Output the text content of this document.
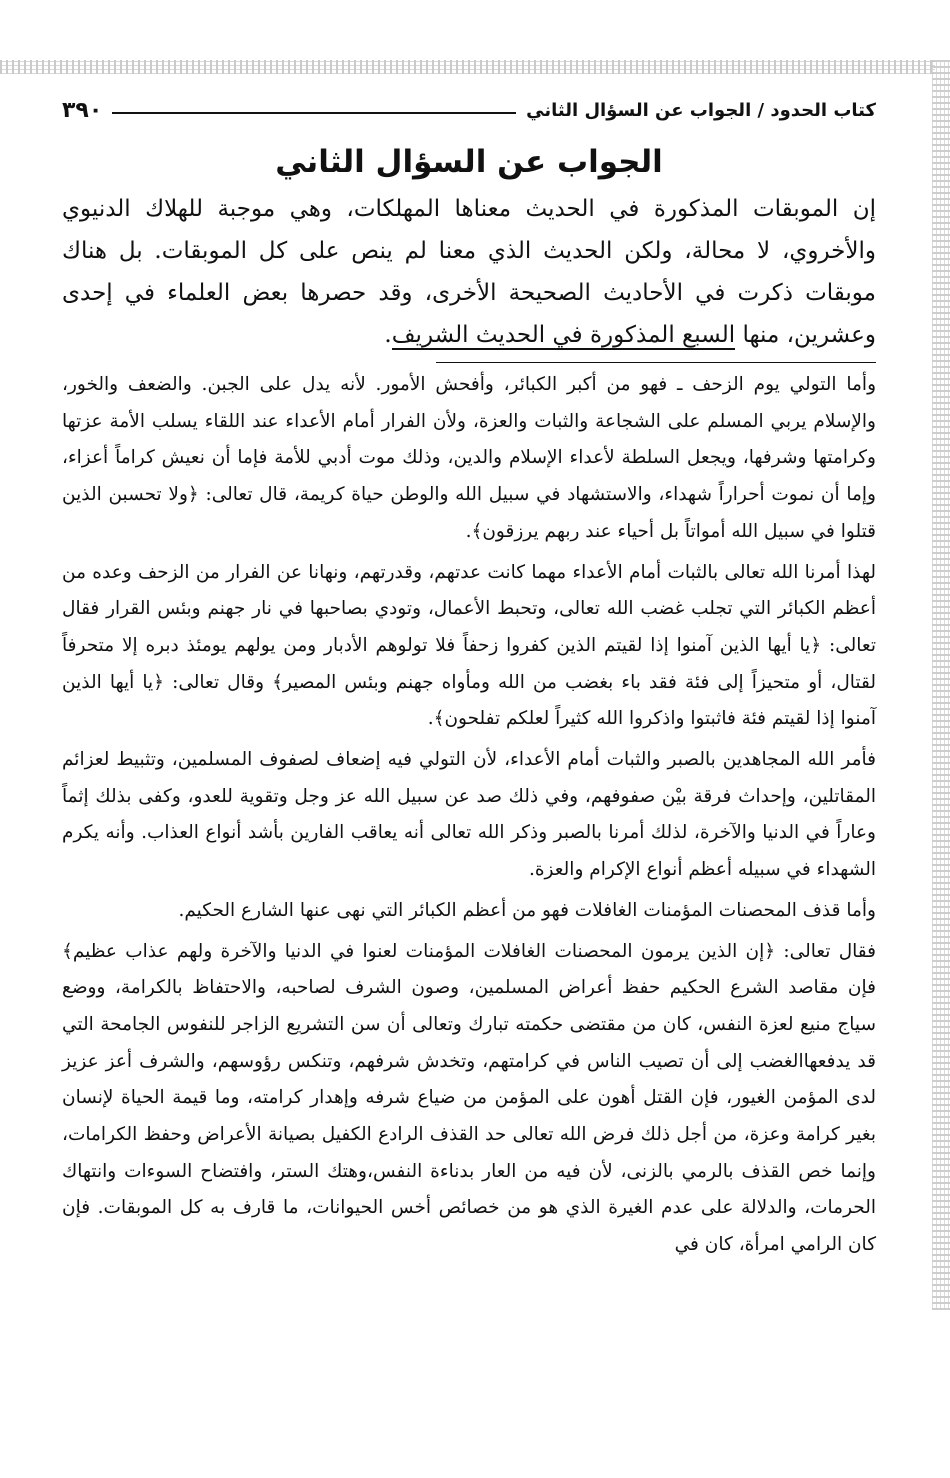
كتاب الحدود / الجواب عن السؤال الثاني
٣٩٠
الجواب عن السؤال الثاني

إن الموبقات المذكورة في الحديث معناها المهلكات، وهي موجبة للهلاك الدنيوي والأخروي، لا محالة، ولكن الحديث الذي معنا لم ينص على كل الموبقات. بل هناك موبقات ذكرت في الأحاديث الصحيحة الأخرى، وقد حصرها بعض العلماء في إحدى وعشرين، منها السبع المذكورة في الحديث الشريف.

وأما التولي يوم الزحف ـ فهو من أكبر الكبائر، وأفحش الأمور. لأنه يدل على الجبن. والضعف والخور، والإسلام يربي المسلم على الشجاعة والثبات والعزة، ولأن الفرار أمام الأعداء عند اللقاء يسلب الأمة عزتها وكرامتها وشرفها، ويجعل السلطة لأعداء الإسلام والدين، وذلك موت أدبي للأمة فإما أن نعيش كراماً أعزاء، وإما أن نموت أحراراً شهداء، والاستشهاد في سبيل الله والوطن حياة كريمة، قال تعالى: ﴿ولا تحسبن الذين قتلوا في سبيل الله أمواتاً بل أحياء عند ربهم يرزقون﴾.

لهذا أمرنا الله تعالى بالثبات أمام الأعداء مهما كانت عدتهم، وقدرتهم، ونهانا عن الفرار من الزحف وعده من أعظم الكبائر التي تجلب غضب الله تعالى، وتحبط الأعمال، وتودي بصاحبها في نار جهنم وبئس القرار فقال تعالى: ﴿يا أيها الذين آمنوا إذا لقيتم الذين كفروا زحفاً فلا تولوهم الأدبار ومن يولهم يومئذ دبره إلا متحرفاً لقتال، أو متحيزاً إلى فئة فقد باء بغضب من الله ومأواه جهنم وبئس المصير﴾ وقال تعالى: ﴿يا أيها الذين آمنوا إذا لقيتم فئة فاثبتوا واذكروا الله كثيراً لعلكم تفلحون﴾.

فأمر الله المجاهدين بالصبر والثبات أمام الأعداء، لأن التولي فيه إضعاف لصفوف المسلمين، وتثبيط لعزائم المقاتلين، وإحداث فرقة بيْن صفوفهم، وفي ذلك صد عن سبيل الله عز وجل وتقوية للعدو، وكفى بذلك إثماً وعاراً في الدنيا والآخرة، لذلك أمرنا بالصبر وذكر الله تعالى أنه يعاقب الفارين بأشد أنواع العذاب. وأنه يكرم الشهداء في سبيله أعظم أنواع الإكرام والعزة.

وأما قذف المحصنات المؤمنات الغافلات فهو من أعظم الكبائر التي نهى عنها الشارع الحكيم.

فقال تعالى: ﴿إن الذين يرمون المحصنات الغافلات المؤمنات لعنوا في الدنيا والآخرة ولهم عذاب عظيم﴾ فإن مقاصد الشرع الحكيم حفظ أعراض المسلمين، وصون الشرف لصاحبه، والاحتفاظ بالكرامة، ووضع سياج منيع لعزة النفس، كان من مقتضى حكمته تبارك وتعالى أن سن التشريع الزاجر للنفوس الجامحة التي قد يدفعهاالغضب إلى أن تصيب الناس في كرامتهم، وتخدش شرفهم، وتنكس رؤوسهم، والشرف أعز عزيز لدى المؤمن الغيور، فإن القتل أهون على المؤمن من ضياع شرفه وإهدار كرامته، وما قيمة الحياة لإنسان بغير كرامة وعزة، من أجل ذلك فرض الله تعالى حد القذف الرادع الكفيل بصيانة الأعراض وحفظ الكرامات، وإنما خص القذف بالرمي بالزنى، لأن فيه من العار بدناءة النفس،وهتك الستر، وافتضاح السوءات وانتهاك الحرمات، والدلالة على عدم الغيرة الذي هو من خصائص أخس الحيوانات، ما قارف به كل الموبقات. فإن كان الرامي امرأة، كان في
